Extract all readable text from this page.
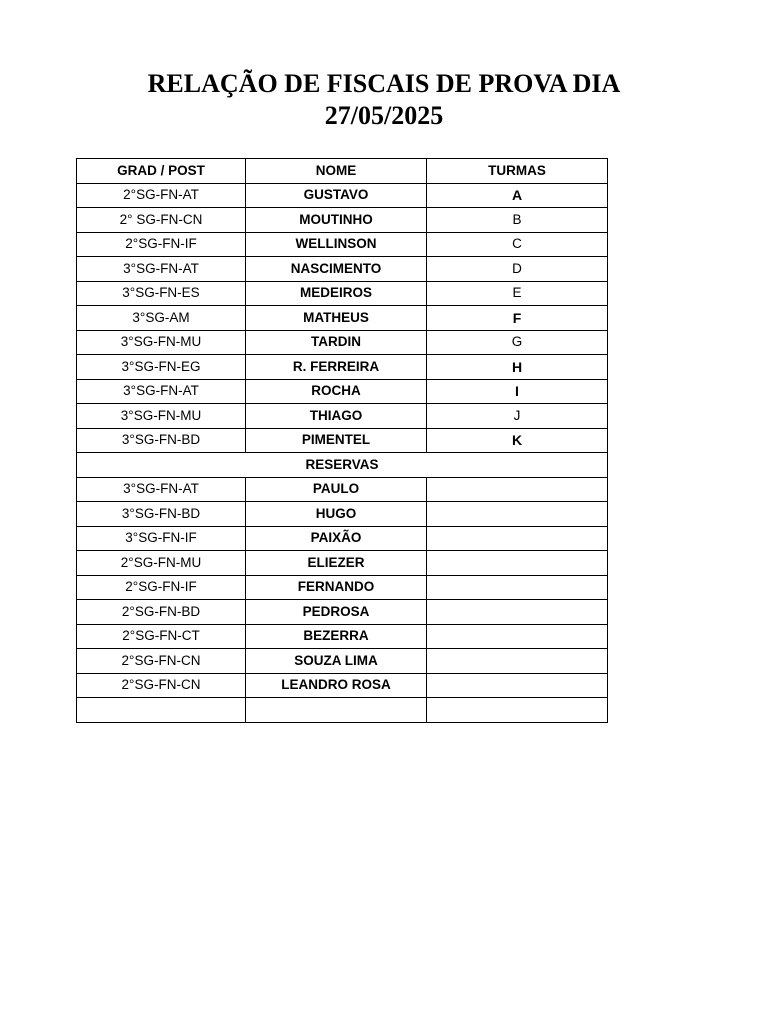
RELAÇÃO DE FISCAIS DE PROVA DIA
27/05/2025
GRAD / POST	NOME	TURMAS
2°SG-FN-AT	GUSTAVO	A
2° SG-FN-CN	MOUTINHO	B
2°SG-FN-IF	WELLINSON	C
3°SG-FN-AT	NASCIMENTO	D
3°SG-FN-ES	MEDEIROS	E
3°SG-AM	MATHEUS	F
3°SG-FN-MU	TARDIN	G
3°SG-FN-EG	R. FERREIRA	H
3°SG-FN-AT	ROCHA	I
3°SG-FN-MU	THIAGO	J
3°SG-FN-BD	PIMENTEL	K
RESERVAS		
3°SG-FN-AT	PAULO	
3°SG-FN-BD	HUGO	
3°SG-FN-IF	PAIXÃO	
2°SG-FN-MU	ELIEZER	
2°SG-FN-IF	FERNANDO	
2°SG-FN-BD	PEDROSA	
2°SG-FN-CT	BEZERRA	
2°SG-FN-CN	SOUZA LIMA	
2°SG-FN-CN	LEANDRO ROSA	
